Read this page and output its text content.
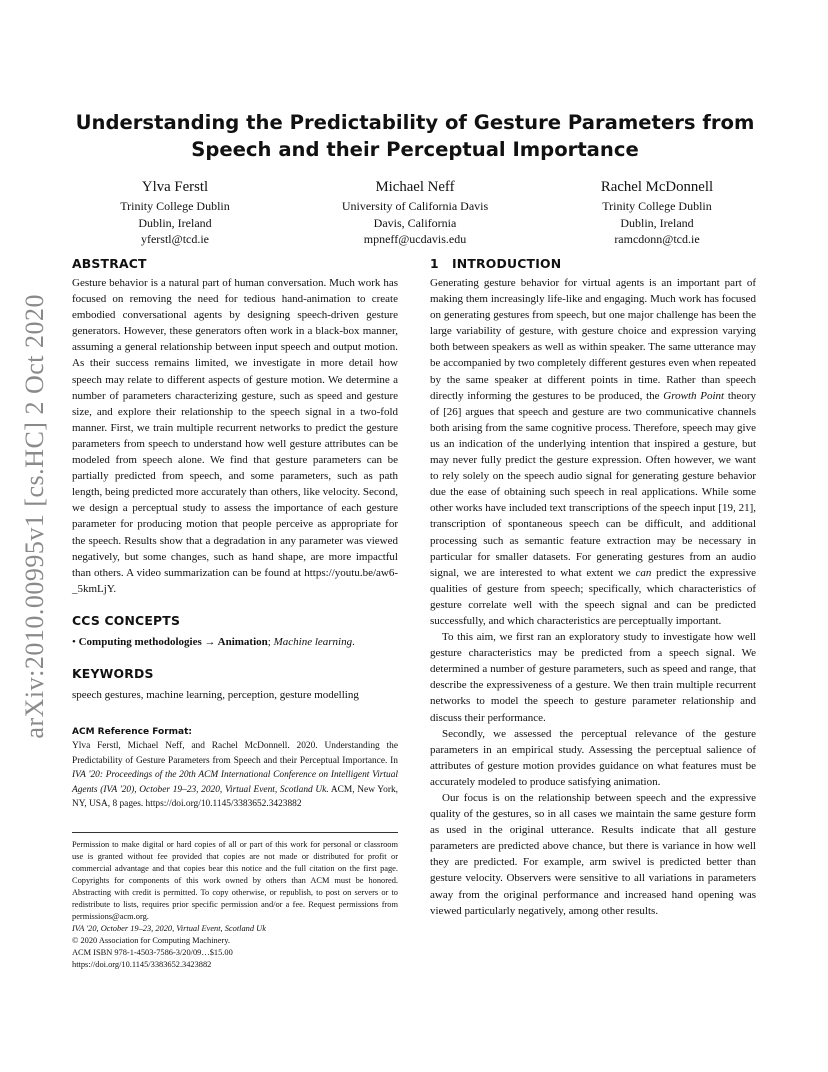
arXiv:2010.00995v1 [cs.HC] 2 Oct 2020
Understanding the Predictability of Gesture Parameters from Speech and their Perceptual Importance
Ylva Ferstl
Trinity College Dublin
Dublin, Ireland
yferstl@tcd.ie
Michael Neff
University of California Davis
Davis, California
mpneff@ucdavis.edu
Rachel McDonnell
Trinity College Dublin
Dublin, Ireland
ramcdonn@tcd.ie
ABSTRACT

Gesture behavior is a natural part of human conversation. Much work has focused on removing the need for tedious hand-animation to create embodied conversational agents by designing speech-driven gesture generators. However, these generators often work in a black-box manner, assuming a general relationship between input speech and output motion. As their success remains limited, we investigate in more detail how speech may relate to different aspects of gesture motion. We determine a number of parameters characterizing gesture, such as speed and gesture size, and explore their relationship to the speech signal in a two-fold manner. First, we train multiple recurrent networks to predict the gesture parameters from speech to understand how well gesture attributes can be modeled from speech alone. We find that gesture parameters can be partially predicted from speech, and some parameters, such as path length, being predicted more accurately than others, like velocity. Second, we design a perceptual study to assess the importance of each gesture parameter for producing motion that people perceive as appropriate for the speech. Results show that a degradation in any parameter was viewed negatively, but some changes, such as hand shape, are more impactful than others. A video summarization can be found at https://youtu.be/aw6-_5kmLjY.

CCS CONCEPTS
• Computing methodologies → Animation; Machine learning.
KEYWORDS

speech gestures, machine learning, perception, gesture modelling

ACM Reference Format:

Ylva Ferstl, Michael Neff, and Rachel McDonnell. 2020. Understanding the Predictability of Gesture Parameters from Speech and their Perceptual Importance. In IVA '20: Proceedings of the 20th ACM International Conference on Intelligent Virtual Agents (IVA '20), October 19–23, 2020, Virtual Event, Scotland Uk. ACM, New York, NY, USA, 8 pages. https://doi.org/10.1145/3383652.3423882

Permission to make digital or hard copies of all or part of this work for personal or classroom use is granted without fee provided that copies are not made or distributed for profit or commercial advantage and that copies bear this notice and the full citation on the first page. Copyrights for components of this work owned by others than ACM must be honored. Abstracting with credit is permitted. To copy otherwise, or republish, to post on servers or to redistribute to lists, requires prior specific permission and/or a fee. Request permissions from permissions@acm.org.

IVA '20, October 19–23, 2020, Virtual Event, Scotland Uk
© 2020 Association for Computing Machinery.
ACM ISBN 978-1-4503-7586-3/20/09…$15.00
https://doi.org/10.1145/3383652.3423882
1 INTRODUCTION

Generating gesture behavior for virtual agents is an important part of making them increasingly life-like and engaging. Much work has focused on generating gestures from speech, but one major challenge has been the large variability of gesture, with gesture choice and expression varying both between speakers as well as within speaker. The same utterance may be accompanied by two completely different gestures even when repeated by the same speaker at different points in time. Rather than speech directly informing the gestures to be produced, the Growth Point theory of [26] argues that speech and gesture are two communicative channels both arising from the same cognitive process. Therefore, speech may give us an indication of the underlying intention that inspired a gesture, but may never fully predict the gesture expression. Often however, we want to rely solely on the speech audio signal for generating gesture behavior due the ease of obtaining such speech in real applications. While some other works have included text transcriptions of the speech input [19, 21], transcription of spontaneous speech can be difficult, and additional processing such as semantic feature extraction may be necessary in particular for smaller datasets. For generating gestures from an audio signal, we are interested to what extent we can predict the expressive qualities of gesture from speech; specifically, which characteristics of gesture correlate well with the speech signal and can be predicted successfully, and which characteristics are perceptually important.

To this aim, we first ran an exploratory study to investigate how well gesture characteristics may be predicted from a speech signal. We determined a number of gesture parameters, such as speed and range, that describe the expressiveness of a gesture. We then train multiple recurrent networks to model the speech to gesture parameter relationship and discuss their performance.

Secondly, we assessed the perceptual relevance of the gesture parameters in an empirical study. Assessing the perceptual salience of attributes of gesture motion provides guidance on what features must be accurately modeled to produce satisfying animation.

Our focus is on the relationship between speech and the expressive quality of the gestures, so in all cases we maintain the same gesture form as used in the original utterance. Results indicate that all gesture parameters are predicted above chance, but there is variance in how well they are predicted. For example, arm swivel is predicted better than gesture velocity. Observers were sensitive to all variations in parameters away from the original performance and increased hand opening was viewed particularly negatively, among other results.
